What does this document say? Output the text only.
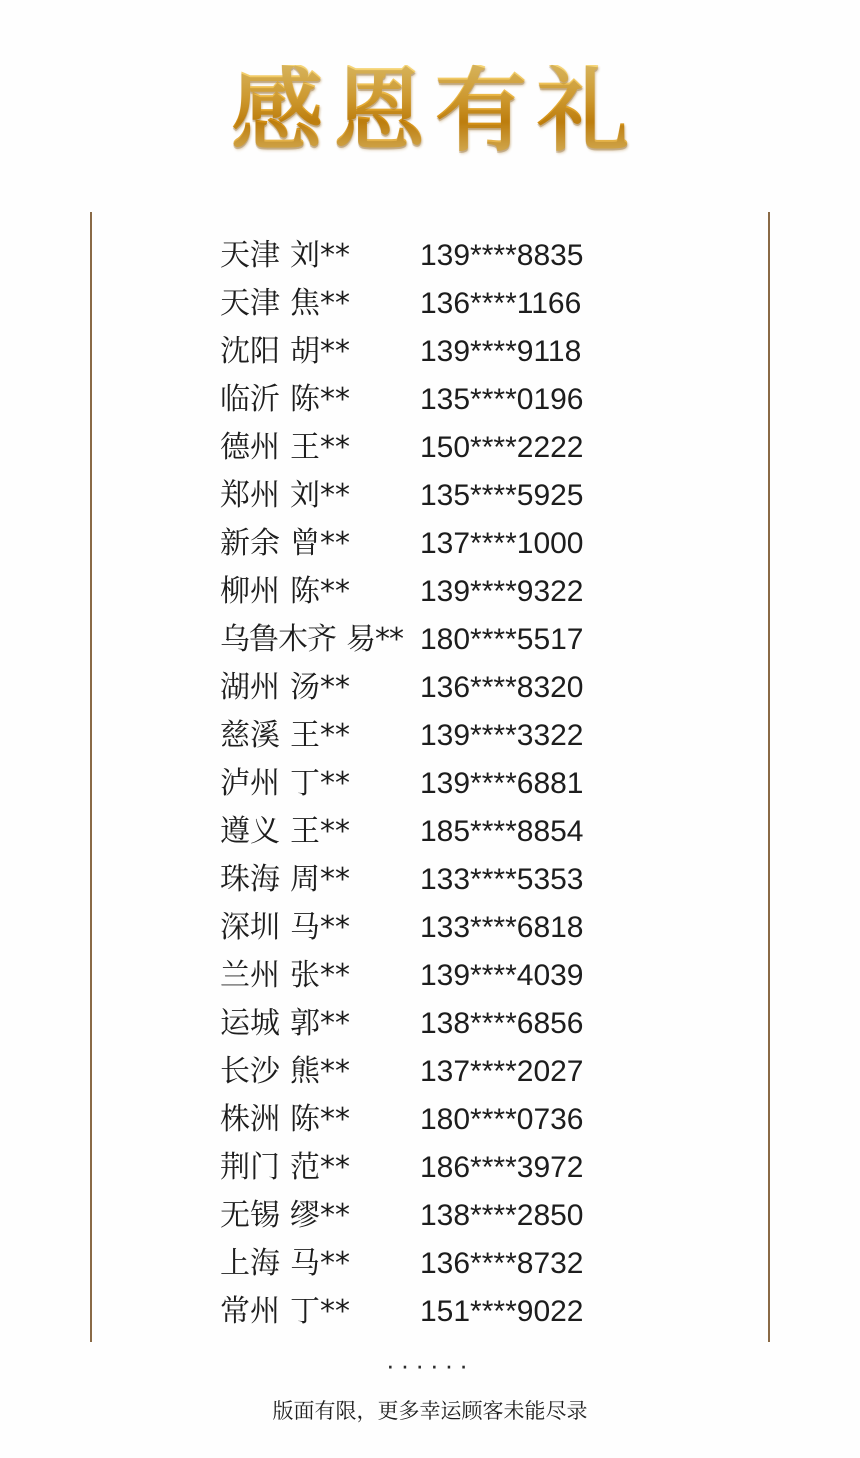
感恩有礼
天津 刘**	139****8835
天津 焦**	136****1166
沈阳 胡**	139****9118
临沂 陈**	135****0196
德州 王**	150****2222
郑州 刘**	135****5925
新余 曾**	137****1000
柳州 陈**	139****9322
乌鲁木齐 易** 180****5517
湖州 汤**	136****8320
慈溪 王**	139****3322
泸州 丁**	139****6881
遵义 王**	185****8854
珠海 周**	133****5353
深圳 马**	133****6818
兰州 张**	139****4039
运城 郭**	138****6856
长沙 熊**	137****2027
株洲 陈**	180****0736
荆门 范**	186****3972
无锡 缪**	138****2850
上海 马**	136****8732
常州 丁**	151****9022
······
版面有限，更多幸运顾客未能尽录
